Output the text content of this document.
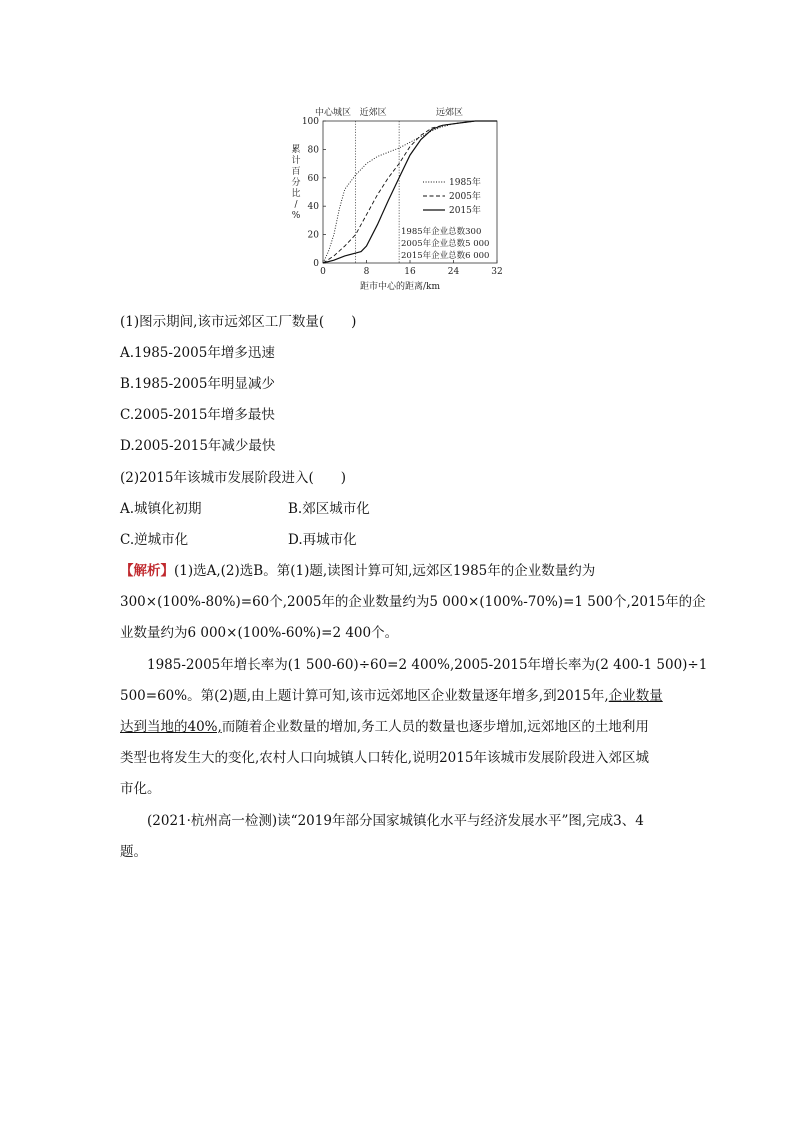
中心城区 近郊区	远郊区
0	8	16	24	32
0
20
40
60
80
100
距市中心的距离/km
累计百分比/ %
1985年
2005年
2015年
1985年企业总数300
2005年企业总数5 000
2015年企业总数6 000
(1)图示期间,该市远郊区工厂数量(　　)
A.1985-2005年增多迅速
B.1985-2005年明显减少
C.2005-2015年增多最快
D.2005-2015年减少最快
(2)2015年该城市发展阶段进入(　　)
A.城镇化初期	B.郊区城市化
C.逆城市化	D.再城市化
【解析】(1)选A,(2)选B。第(1)题,读图计算可知,远郊区1985年的企业数量约为
300×(100%-80%)=60个,2005年的企业数量约为5 000×(100%-70%)=1 500个,2015年的企
业数量约为6 000×(100%-60%)=2 400个。
1985-2005年增长率为(1 500-60)÷60=2 400%,2005-2015年增长率为(2 400-1 500)÷1
500=60%。第(2)题,由上题计算可知,该市远郊地区企业数量逐年增多,到2015年,企业数量
达到当地的40%,而随着企业数量的增加,务工人员的数量也逐步增加,远郊地区的土地利用
类型也将发生大的变化,农村人口向城镇人口转化,说明2015年该城市发展阶段进入郊区城
市化。
(2021·杭州高一检测)读“2019年部分国家城镇化水平与经济发展水平”图,完成3、4
题。
